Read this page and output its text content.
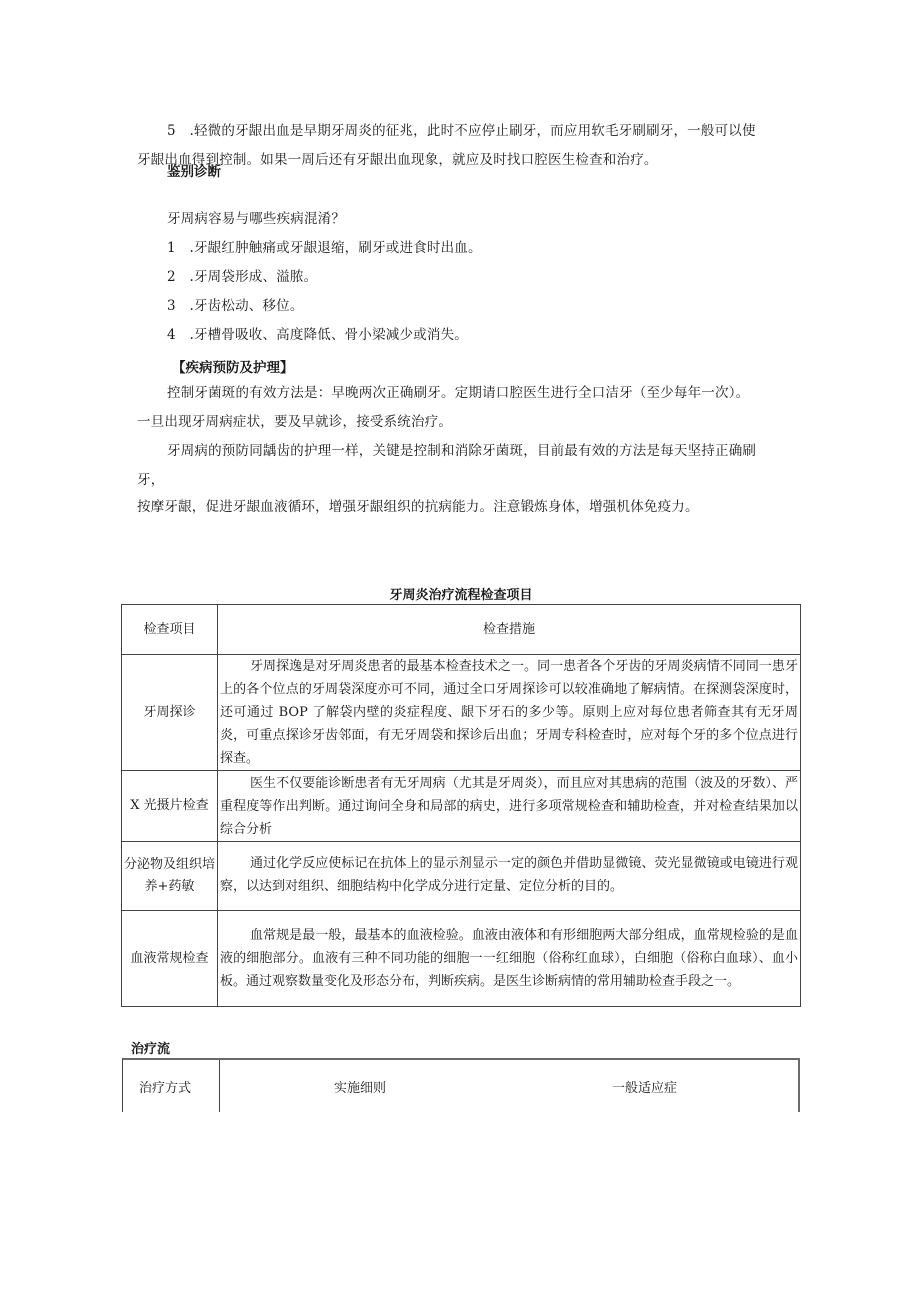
5　.轻微的牙龈出血是早期牙周炎的征兆，此时不应停止刷牙，而应用软毛牙刷刷牙，一般可以使
牙龈出血得到控制。如果一周后还有牙龈出血现象，就应及时找口腔医生检查和治疗。
鉴别诊断
牙周病容易与哪些疾病混淆？
1　.牙龈红肿触痛或牙龈退缩，刷牙或进食时出血。
2　.牙周袋形成、溢脓。
3　.牙齿松动、移位。
4　.牙槽骨吸收、高度降低、骨小梁减少或消失。
【疾病预防及护理】
控制牙菌斑的有效方法是：早晚两次正确刷牙。定期请口腔医生进行全口洁牙（至少每年一次）。
一旦出现牙周病症状，要及早就诊，接受系统治疗。
牙周病的预防同龋齿的护理一样，关键是控制和消除牙菌斑，目前最有效的方法是每天坚持正确刷
牙，
按摩牙龈，促进牙龈血液循环，增强牙龈组织的抗病能力。注意锻炼身体，增强机体免疫力。
牙周炎治疗流程检查项目
检查项目	检查措施
牙周探诊	牙周探逸是对牙周炎患者的最基本检查技术之一。同一患者各个牙齿的牙周炎病情不同同一患牙上的各个位点的牙周袋深度亦可不同，通过全口牙周探诊可以较准确地了解病情。在探测袋深度时，还可通过 BOP 了解袋内壁的炎症程度、龈下牙石的多少等。原则上应对每位患者筛查其有无牙周炎，可重点探诊牙齿邻面，有无牙周袋和探诊后出血；牙周专科检查时，应对每个牙的多个位点进行探查。

X 光摄片检查	医生不仅要能诊断患者有无牙周病（尤其是牙周炎），而且应对其患病的范围（波及的牙数）、严重程度等作出判断。通过询问全身和局部的病史，进行多项常规检查和辅助检查，并对检查结果加以综合分析

分泌物及组织培养+药敏	通过化学反应使标记在抗体上的显示剂显示一定的颜色并借助显微镜、荧光显微镜或电镜进行观察，以达到对组织、细胞结构中化学成分进行定量、定位分析的目的。

血液常规检查	血常规是最一般，最基本的血液检验。血液由液体和有形细胞两大部分组成，血常规检验的是血液的细胞部分。血液有三种不同功能的细胞一一红细胞（俗称红血球），白细胞（俗称白血球）、血小板。通过观察数量变化及形态分布，判断疾病。是医生诊断病情的常用辅助检查手段之一。
治疗流
治疗方式	实施细则	一般适应症
